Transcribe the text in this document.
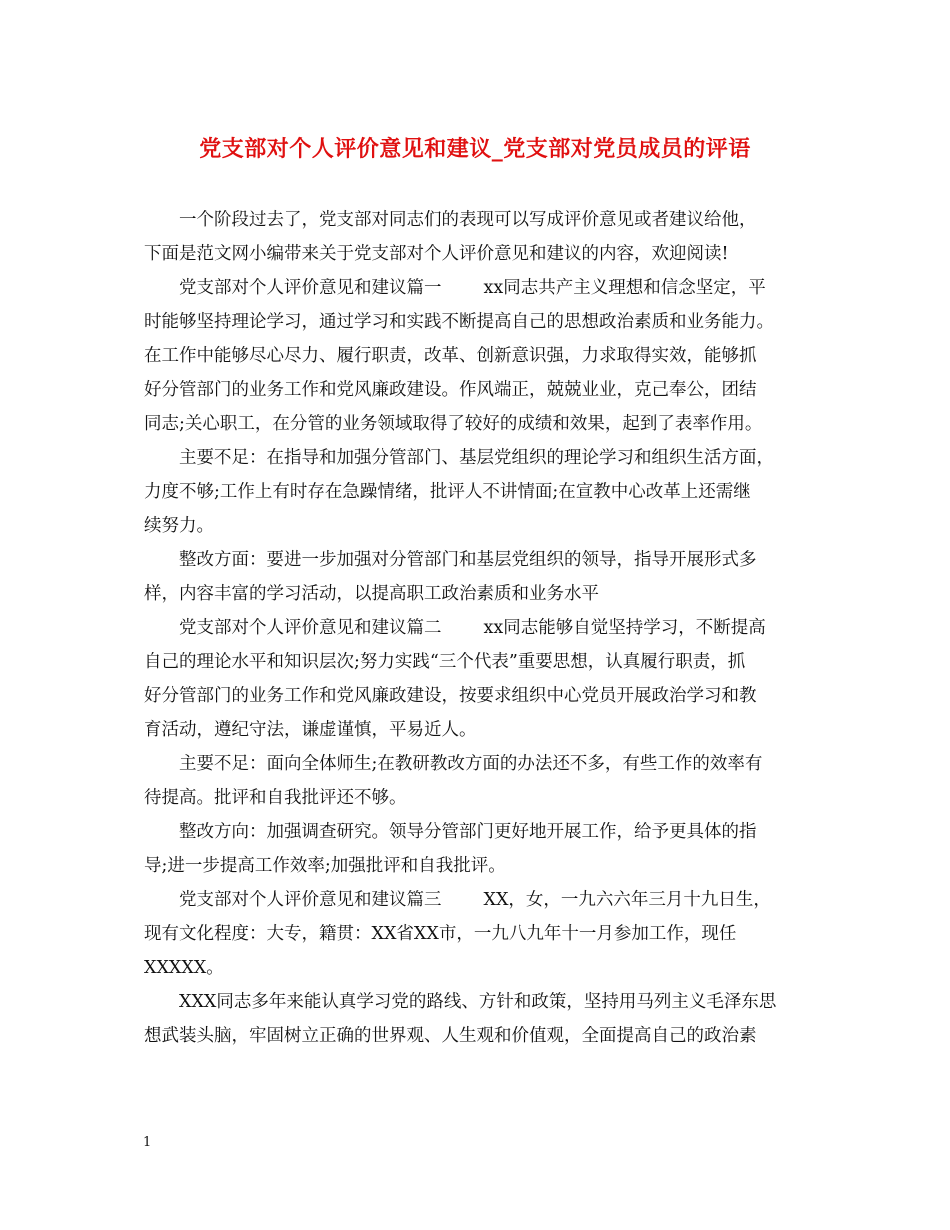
党支部对个人评价意见和建议_党支部对党员成员的评语

一个阶段过去了，党支部对同志们的表现可以写成评价意见或者建议给他，
下面是范文网小编带来关于党支部对个人评价意见和建议的内容，欢迎阅读!

党支部对个人评价意见和建议篇一 xx同志共产主义理想和信念坚定，平
时能够坚持理论学习，通过学习和实践不断提高自己的思想政治素质和业务能力。
在工作中能够尽心尽力、履行职责，改革、创新意识强，力求取得实效，能够抓
好分管部门的业务工作和党风廉政建设。作风端正，兢兢业业，克己奉公，团结
同志;关心职工，在分管的业务领域取得了较好的成绩和效果，起到了表率作用。

主要不足：在指导和加强分管部门、基层党组织的理论学习和组织生活方面，
力度不够;工作上有时存在急躁情绪，批评人不讲情面;在宣教中心改革上还需继
续努力。

整改方面：要进一步加强对分管部门和基层党组织的领导，指导开展形式多
样，内容丰富的学习活动，以提高职工政治素质和业务水平

党支部对个人评价意见和建议篇二 xx同志能够自觉坚持学习，不断提高
自己的理论水平和知识层次;努力实践“三个代表”重要思想，认真履行职责，抓
好分管部门的业务工作和党风廉政建设，按要求组织中心党员开展政治学习和教
育活动，遵纪守法，谦虚谨慎，平易近人。

主要不足：面向全体师生;在教研教改方面的办法还不多，有些工作的效率有
待提高。批评和自我批评还不够。

整改方向：加强调查研究。领导分管部门更好地开展工作，给予更具体的指
导;进一步提高工作效率;加强批评和自我批评。

党支部对个人评价意见和建议篇三 XX，女，一九六六年三月十九日生，
现有文化程度：大专，籍贯：XX省XX市，一九八九年十一月参加工作，现任
XXXXX。

XXX同志多年来能认真学习党的路线、方针和政策，坚持用马列主义毛泽东思
想武装头脑，牢固树立正确的世界观、人生观和价值观，全面提高自己的政治素

1
